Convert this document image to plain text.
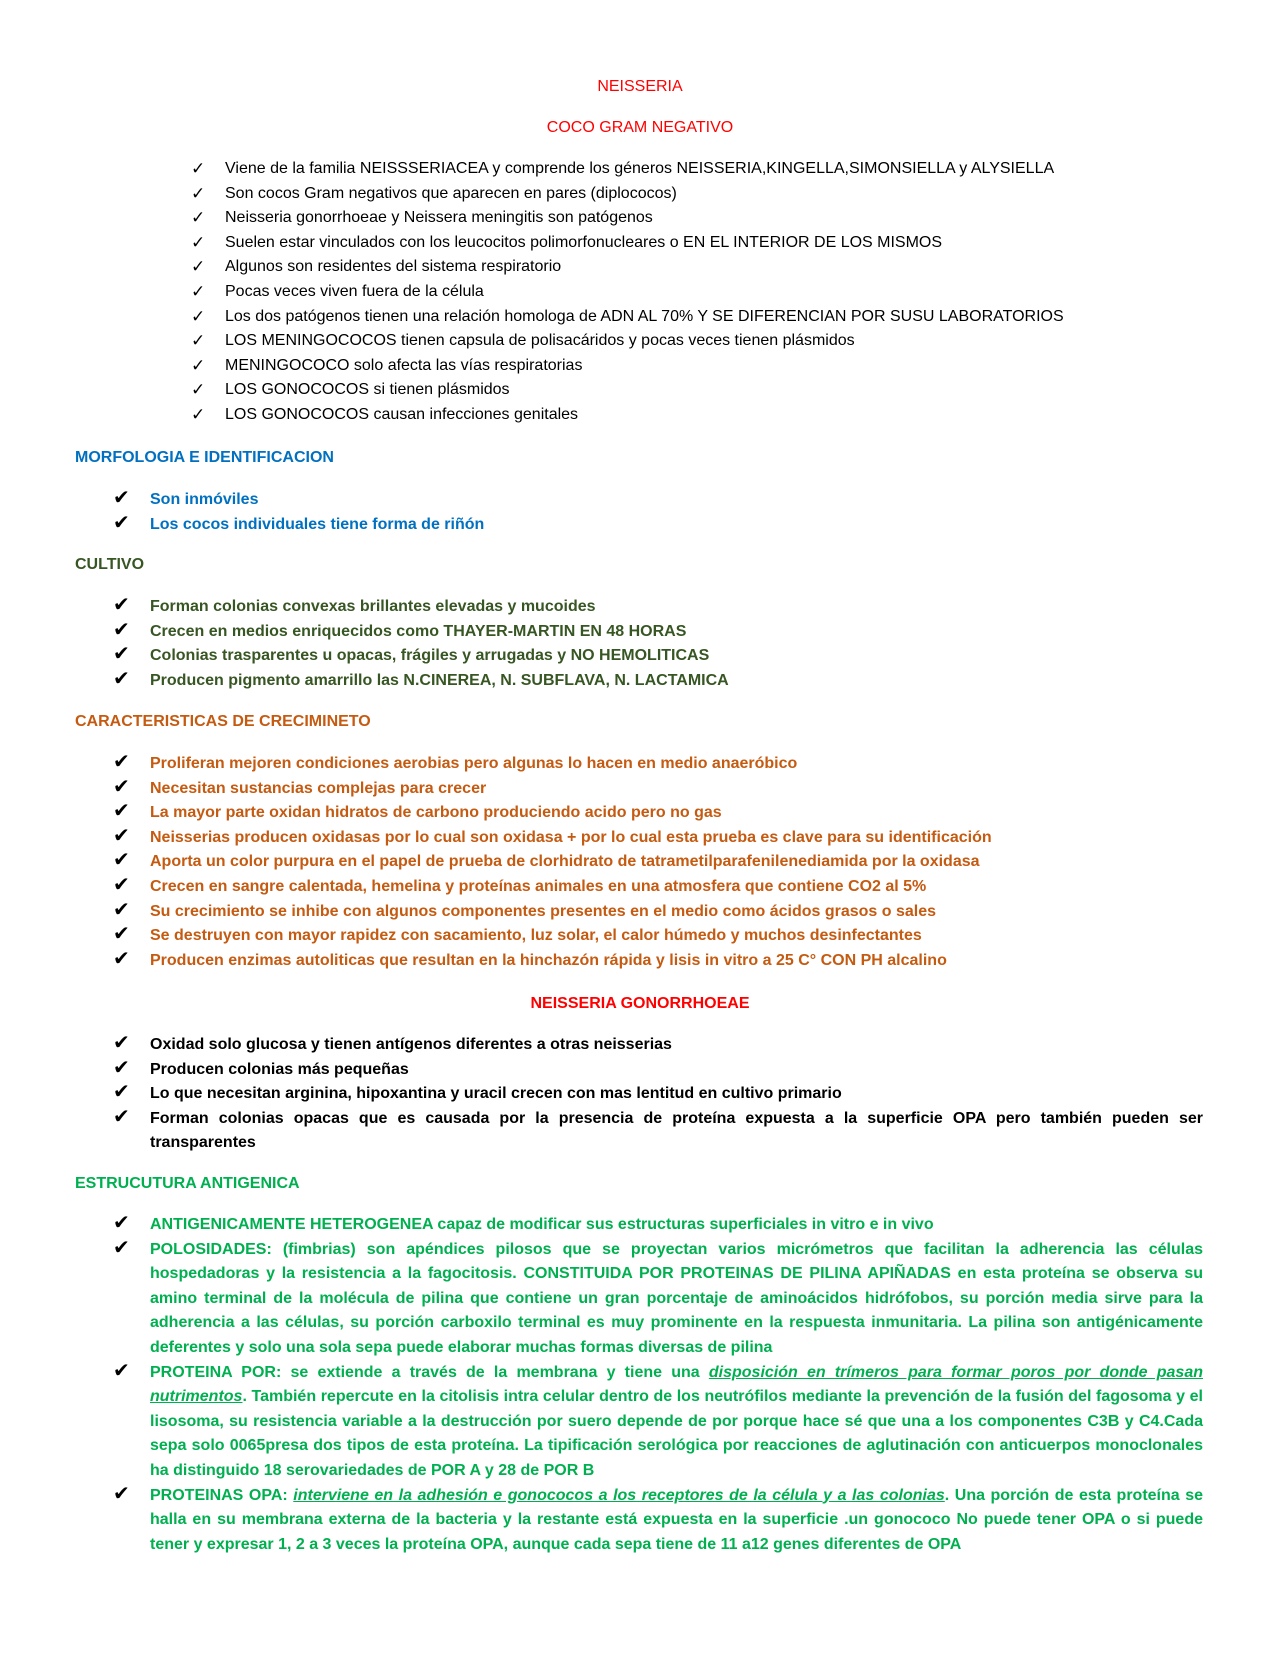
NEISSERIA
COCO GRAM NEGATIVO
✓ Viene de la familia NEISSSERIACEA y comprende los géneros NEISSERIA,KINGELLA,SIMONSIELLA y ALYSIELLA
✓ Son cocos Gram negativos que aparecen en pares (diplococos)
✓ Neisseria gonorrhoeae y Neissera meningitis son patógenos
✓ Suelen estar vinculados con los leucocitos polimorfonucleares o EN EL INTERIOR DE LOS MISMOS
✓ Algunos son residentes del sistema respiratorio
✓ Pocas veces viven fuera de la célula
✓ Los dos patógenos tienen una relación homologa de ADN AL 70% Y SE DIFERENCIAN POR SUSU LABORATORIOS
✓ LOS MENINGOCOCOS tienen capsula de polisacáridos y pocas veces tienen plásmidos
✓ MENINGOCOCO solo afecta las vías respiratorias
✓ LOS GONOCOCOS si tienen plásmidos
✓ LOS GONOCOCOS causan infecciones genitales
MORFOLOGIA E IDENTIFICACION
✔ Son inmóviles
✔ Los cocos individuales tiene forma de riñón
CULTIVO
✔ Forman colonias convexas brillantes elevadas y mucoides
✔ Crecen en medios enriquecidos como THAYER-MARTIN EN 48 HORAS
✔ Colonias trasparentes u opacas, frágiles y arrugadas y NO HEMOLITICAS
✔ Producen pigmento amarrillo las N.CINEREA, N. SUBFLAVA, N. LACTAMICA
CARACTERISTICAS DE CRECIMINETO
✔ Proliferan mejoren condiciones aerobias pero algunas lo hacen en medio anaeróbico
✔ Necesitan sustancias complejas para crecer
✔ La mayor parte oxidan hidratos de carbono produciendo acido pero no gas
✔ Neisserias producen oxidasas por lo cual son oxidasa + por lo cual esta prueba es clave para su identificación
✔ Aporta un color purpura en el papel de prueba de clorhidrato de tatrametilparafenilenediamida por la oxidasa
✔ Crecen en sangre calentada, hemelina y proteínas animales en una atmosfera que contiene CO2 al 5%
✔ Su crecimiento se inhibe con algunos componentes presentes en el medio como ácidos grasos o sales
✔ Se destruyen con mayor rapidez con sacamiento, luz solar, el calor húmedo y muchos desinfectantes
✔ Producen enzimas autoliticas que resultan en la hinchazón rápida y lisis in vitro a 25 C° CON PH alcalino
NEISSERIA GONORRHOEAE
✔ Oxidad solo glucosa y tienen antígenos diferentes a otras neisserias
✔ Producen colonias más pequeñas
✔ Lo que necesitan arginina, hipoxantina y uracil crecen con mas lentitud en cultivo primario
✔ Forman colonias opacas que es causada por la presencia de proteína expuesta a la superficie OPA pero también pueden ser transparentes
ESTRUCUTURA ANTIGENICA
✔ ANTIGENICAMENTE HETEROGENEA capaz de modificar sus estructuras superficiales in vitro e in vivo
✔ POLOSIDADES: (fimbrias) son apéndices pilosos que se proyectan varios micrómetros que facilitan la adherencia las células hospedadoras y la resistencia a la fagocitosis. CONSTITUIDA POR PROTEINAS DE PILINA APIÑADAS en esta proteína se observa su amino terminal de la molécula de pilina que contiene un gran porcentaje de aminoácidos hidrófobos, su porción media sirve para la adherencia a las células, su porción carboxilo terminal es muy prominente en la respuesta inmunitaria. La pilina son antigénicamente deferentes y solo una sola sepa puede elaborar muchas formas diversas de pilina
✔ PROTEINA POR: se extiende a través de la membrana y tiene una disposición en trímeros para formar poros por donde pasan nutrimentos. También repercute en la citolisis intra celular dentro de los neutrófilos mediante la prevención de la fusión del fagosoma y el lisosoma, su resistencia variable a la destrucción por suero depende de por porque hace sé que una a los componentes C3B y C4.Cada sepa solo 0065presa dos tipos de esta proteína. La tipificación serológica por reacciones de aglutinación con anticuerpos monoclonales ha distinguido 18 serovariedades de POR A y 28 de POR B
✔ PROTEINAS OPA: interviene en la adhesión e gonococos a los receptores de la célula y a las colonias. Una porción de esta proteína se halla en su membrana externa de la bacteria y la restante está expuesta en la superficie .un gonococo No puede tener OPA o si puede tener y expresar 1, 2 a 3 veces la proteína OPA, aunque cada sepa tiene de 11 a12 genes diferentes de OPA
